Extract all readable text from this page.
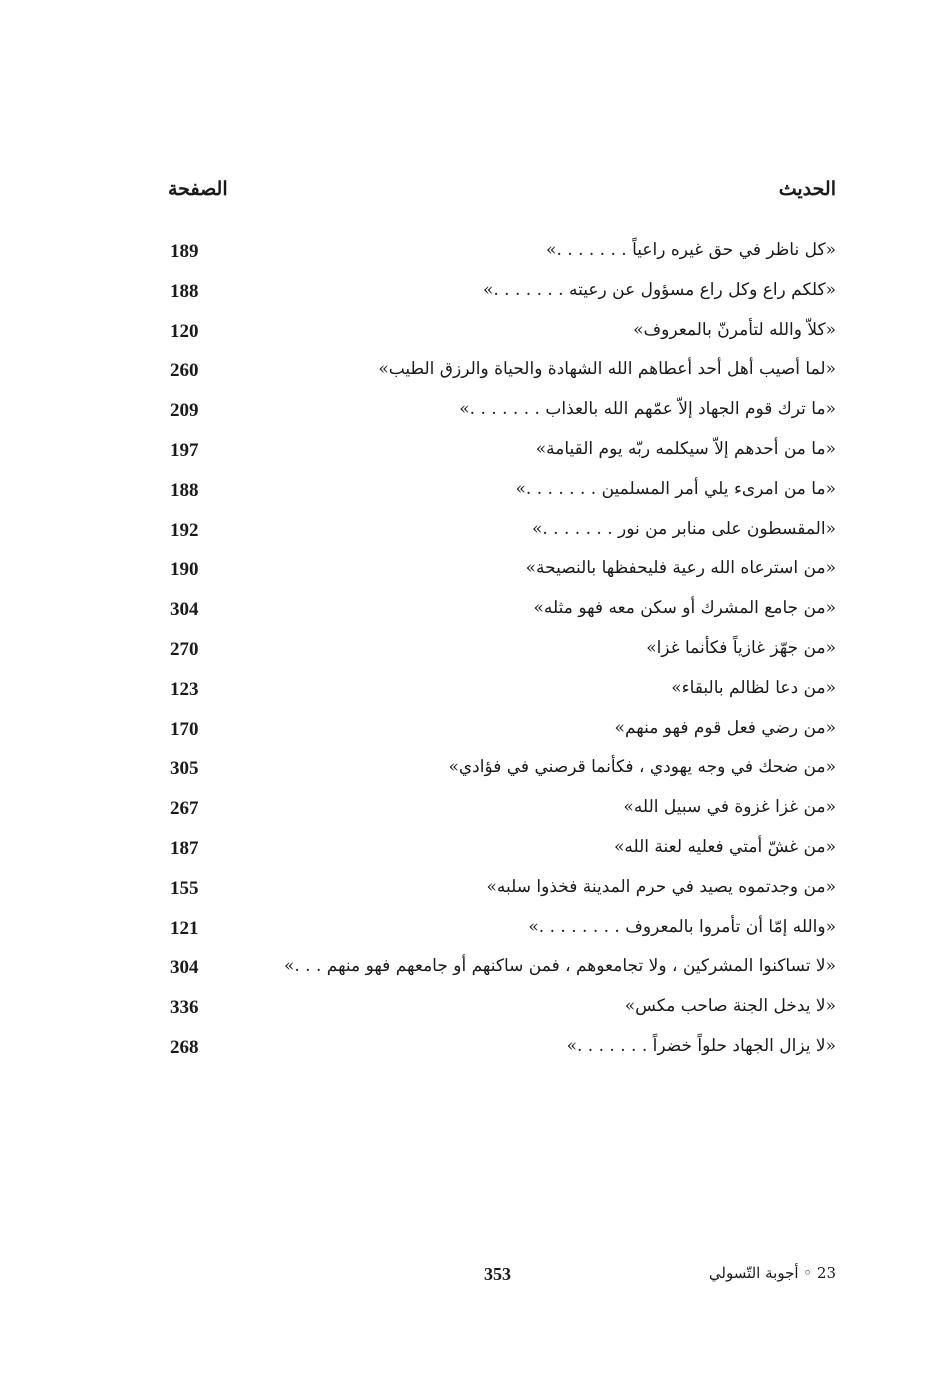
الحديث
الصفحة
«كل ناظر في حق غيره راعياً . . . . . . .»
189
«كلكم راع وكل راع مسؤول عن رعيته . . . . . . .»
188
«كلاّ والله لتأمرنّ بالمعروف»
120
«لما أصيب أهل أحد أعطاهم الله الشهادة والحياة والرزق الطيب»
260
«ما ترك قوم الجهاد إلاّ عمّهم الله بالعذاب . . . . . . .»
209
«ما من أحدهم إلاّ سيكلمه ربّه يوم القيامة»
197
«ما من امرىء يلي أمر المسلمين . . . . . . .»
188
«المقسطون على منابر من نور . . . . . . .»
192
«من استرعاه الله رعية فليحفظها بالنصيحة»
190
«من جامع المشرك أو سكن معه فهو مثله»
304
«من جهّز غازياً فكأنما غزا»
270
«من دعا لظالم بالبقاء»
123
«من رضي فعل قوم فهو منهم»
170
«من ضحك في وجه يهودي ، فكأنما قرصني في فؤادي»
305
«من غزا غزوة في سبيل الله»
267
«من غشّ أمتي فعليه لعنة الله»
187
«من وجدتموه يصيد في حرم المدينة فخذوا سلبه»
155
«والله إمّا أن تأمروا بالمعروف . . . . . . . .»
121
«لا تساكنوا المشركين ، ولا تجامعوهم ، فمن ساكنهم أو جامعهم فهو منهم . . .»
304
«لا يدخل الجنة صاحب مكس»
336
«لا يزال الجهاد حلواً خضراً . . . . . . .»
268
353	23 ◦ أجوبة التّسولي
